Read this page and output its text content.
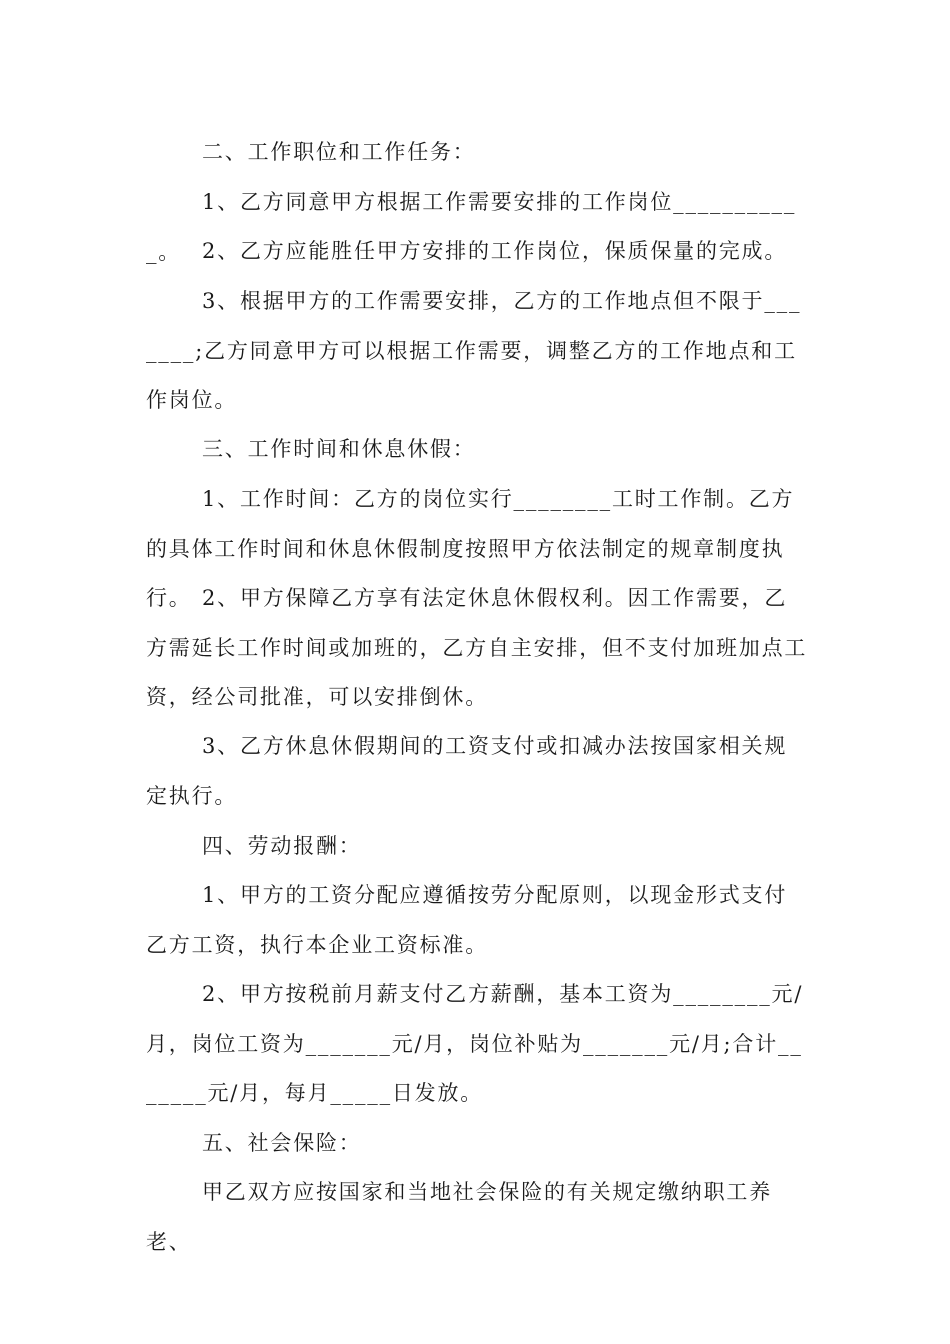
二、工作职位和工作任务：

1、乙方同意甲方根据工作需要安排的工作岗位___________。 2、乙方应能胜任甲方安排的工作岗位，保质保量的完成。

3、根据甲方的工作需要安排，乙方的工作地点但不限于_______;乙方同意甲方可以根据工作需要，调整乙方的工作地点和工作岗位。

三、工作时间和休息休假：

1、工作时间：乙方的岗位实行________工时工作制。乙方的具体工作时间和休息休假制度按照甲方依法制定的规章制度执行。 2、甲方保障乙方享有法定休息休假权利。因工作需要，乙方需延长工作时间或加班的，乙方自主安排，但不支付加班加点工资，经公司批准，可以安排倒休。

3、乙方休息休假期间的工资支付或扣减办法按国家相关规定执行。

四、劳动报酬：

1、甲方的工资分配应遵循按劳分配原则，以现金形式支付乙方工资，执行本企业工资标准。

2、甲方按税前月薪支付乙方薪酬，基本工资为________元/月，岗位工资为_______元/月，岗位补贴为_______元/月;合计_______元/月，每月_____日发放。

五、社会保险：

甲乙双方应按国家和当地社会保险的有关规定缴纳职工养老、
